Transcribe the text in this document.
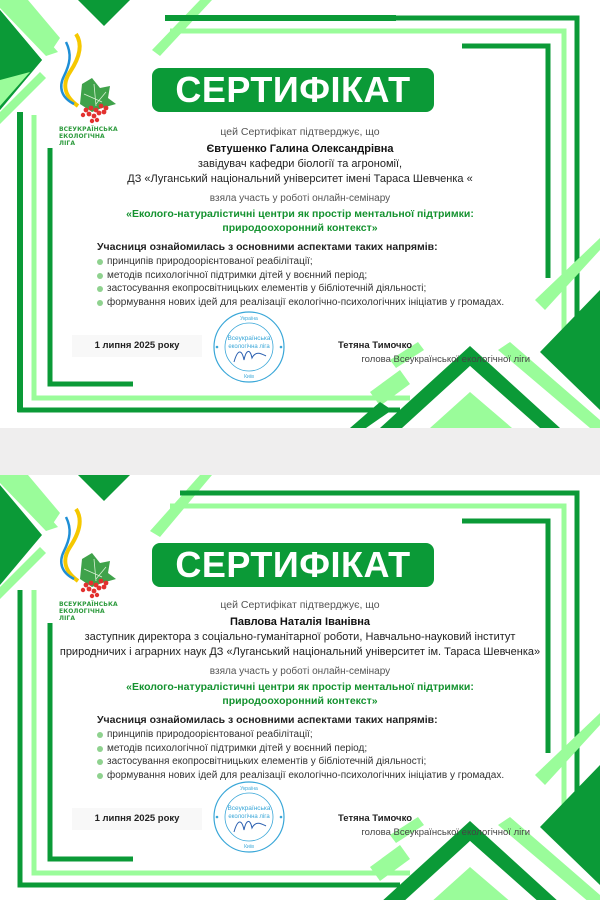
ВСЕУКРАЇНСЬКА
ЕКОЛОГІЧНА
ЛІГА
СЕРТИФІКАТ
цей Сертифікат підтверджує, що
Євтушенко Галина Олександрівна
завідувач кафедри біології та агрономії,
ДЗ «Луганський національний університет імені Тараса Шевченка «
взяла участь у роботі онлайн-семінару
«Еколого-натуралістичні центри як простір ментальної підтримки:
природоохоронний контекст»
Учасниця ознайомилась з основними аспектами таких напрямів:
принципів природоорієнтованої реабілітації;
методів психологічної підтримки дітей у воєнний період;
застосування екопросвітницьких елементів у бібліотечній діяльності;
формування нових ідей для реалізації екологічно-психологічних ініціатив у громадах.
1 липня 2025 року
Україна
Всеукраїнська
екологічна ліга
Київ
Тетяна Тимочко
голова Всеукраїнської екологічної ліги
ВСЕУКРАЇНСЬКА
ЕКОЛОГІЧНА
ЛІГА
СЕРТИФІКАТ
цей Сертифікат підтверджує, що
Павлова Наталія Іванівна
заступник директора з соціально-гуманітарної роботи, Навчально-науковий інститут
природничих і аграрних наук ДЗ «Луганський національний університет ім. Тараса Шевченка»
взяла участь у роботі онлайн-семінару
«Еколого-натуралістичні центри як простір ментальної підтримки:
природоохоронний контекст»
Учасниця ознайомилась з основними аспектами таких напрямів:
принципів природоорієнтованої реабілітації;
методів психологічної підтримки дітей у воєнний період;
застосування екопросвітницьких елементів у бібліотечній діяльності;
формування нових ідей для реалізації екологічно-психологічних ініціатив у громадах.
1 липня 2025 року
Україна
Всеукраїнська
екологічна ліга
Київ
Тетяна Тимочко
голова Всеукраїнської екологічної ліги
